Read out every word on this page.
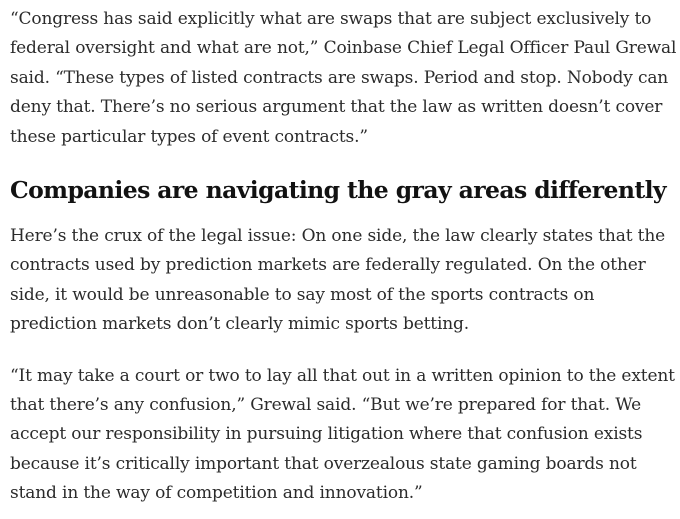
“Congress has said explicitly what are swaps that are subject exclusively to federal oversight and what are not,” Coinbase Chief Legal Officer Paul Grewal said. “These types of listed contracts are swaps. Period and stop. Nobody can deny that. There’s no serious argument that the law as written doesn’t cover these particular types of event contracts.”

Companies are navigating the gray areas differently

Here’s the crux of the legal issue: On one side, the law clearly states that the contracts used by prediction markets are federally regulated. On the other side, it would be unreasonable to say most of the sports contracts on prediction markets don’t clearly mimic sports betting.

“It may take a court or two to lay all that out in a written opinion to the extent that there’s any confusion,” Grewal said. “But we’re prepared for that. We accept our responsibility in pursuing litigation where that confusion exists because it’s critically important that overzealous state gaming boards not stand in the way of competition and innovation.”
